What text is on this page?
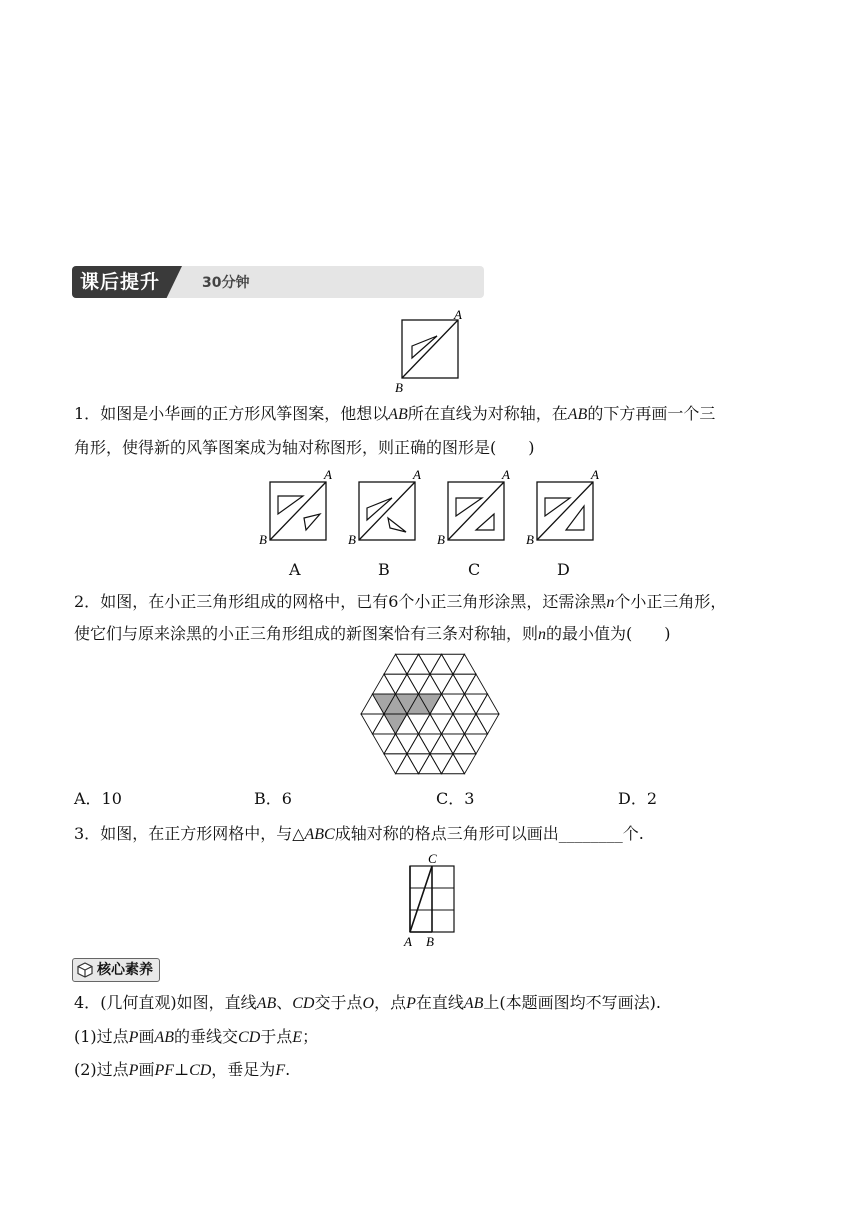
课后提升	30分钟
A
B
1．如图是小华画的正方形风筝图案，他想以AB所在直线为对称轴，在AB的下方再画一个三
角形，使得新的风筝图案成为轴对称图形，则正确的图形是(　　)
A
B
A
B
A
B
A
B
A	B	C	D
2．如图，在小正三角形组成的网格中，已有6个小正三角形涂黑，还需涂黑n个小正三角形，
使它们与原来涂黑的小正三角形组成的新图案恰有三条对称轴，则n的最小值为(　　)
A．10	B．6	C．3	D．2
3．如图，在正方形网格中，与△ABC成轴对称的格点三角形可以画出________个.
C
A B
核心素养
4．(几何直观)如图，直线AB、CD交于点O，点P在直线AB上(本题画图均不写画法).
(1)过点P画AB的垂线交CD于点E；
(2)过点P画PF⊥CD，垂足为F.
